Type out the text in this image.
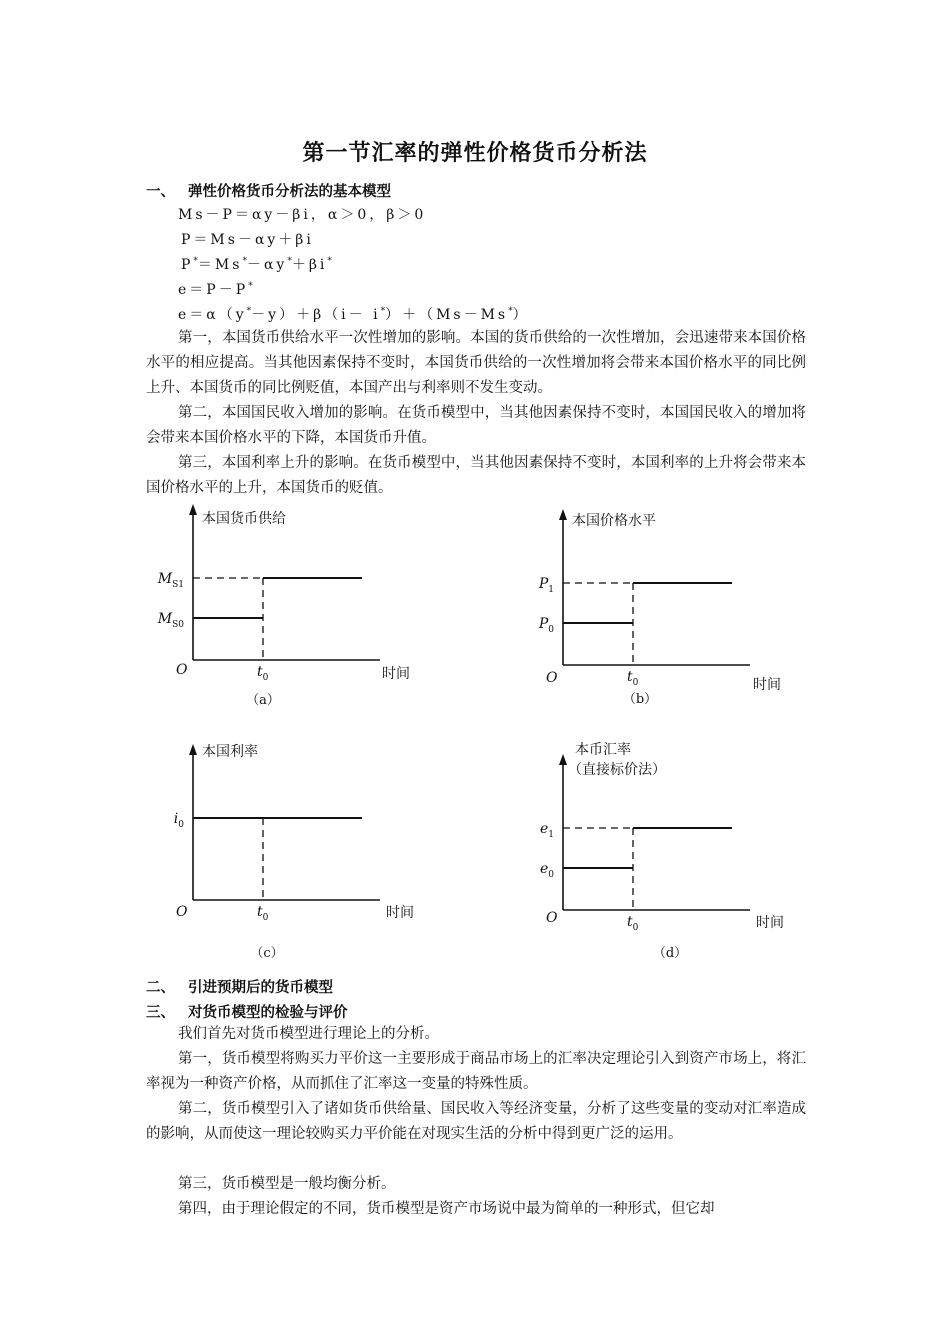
第一节汇率的弹性价格货币分析法
一、 弹性价格货币分析法的基本模型
Ms－P＝αy－βi，α＞0，β＞0
P＝Ms－αy＋βi
P*＝Ms*－αy*＋βi*
e＝P－P*
e＝α（y*－y）＋β（i－ i*）＋（Ms－Ms*）
第一，本国货币供给水平一次性增加的影响。本国的货币供给的一次性增加，会迅速带来本国价格水平的相应提高。当其他因素保持不变时，本国货币供给的一次性增加将会带来本国价格水平的同比例上升、本国货币的同比例贬值，本国产出与利率则不发生变动。
第二，本国国民收入增加的影响。在货币模型中，当其他因素保持不变时，本国国民收入的增加将会带来本国价格水平的下降，本国货币升值。
第三，本国利率上升的影响。在货币模型中，当其他因素保持不变时，本国利率的上升将会带来本国价格水平的上升，本国货币的贬值。
本国货币供给
$M_{S1}$
$M_{S0}$
O	$t_0$	时间
（a）
本国价格水平
$P_1$
$P_0$
O	$t_0$	时间
（b）
本国利率
$i_0$
O	$t_0$	时间
（c）
本币汇率
（直接标价法）
$e_1$
$e_0$
O	$t_0$	时间
（d）
二、 引进预期后的货币模型
三、 对货币模型的检验与评价
我们首先对货币模型进行理论上的分析。
第一，货币模型将购买力平价这一主要形成于商品市场上的汇率决定理论引入到资产市场上，将汇率视为一种资产价格，从而抓住了汇率这一变量的特殊性质。
第二，货币模型引入了诸如货币供给量、国民收入等经济变量，分析了这些变量的变动对汇率造成的影响，从而使这一理论较购买力平价能在对现实生活的分析中得到更广泛的运用。
第三，货币模型是一般均衡分析。
第四，由于理论假定的不同，货币模型是资产市场说中最为简单的一种形式，但它却
